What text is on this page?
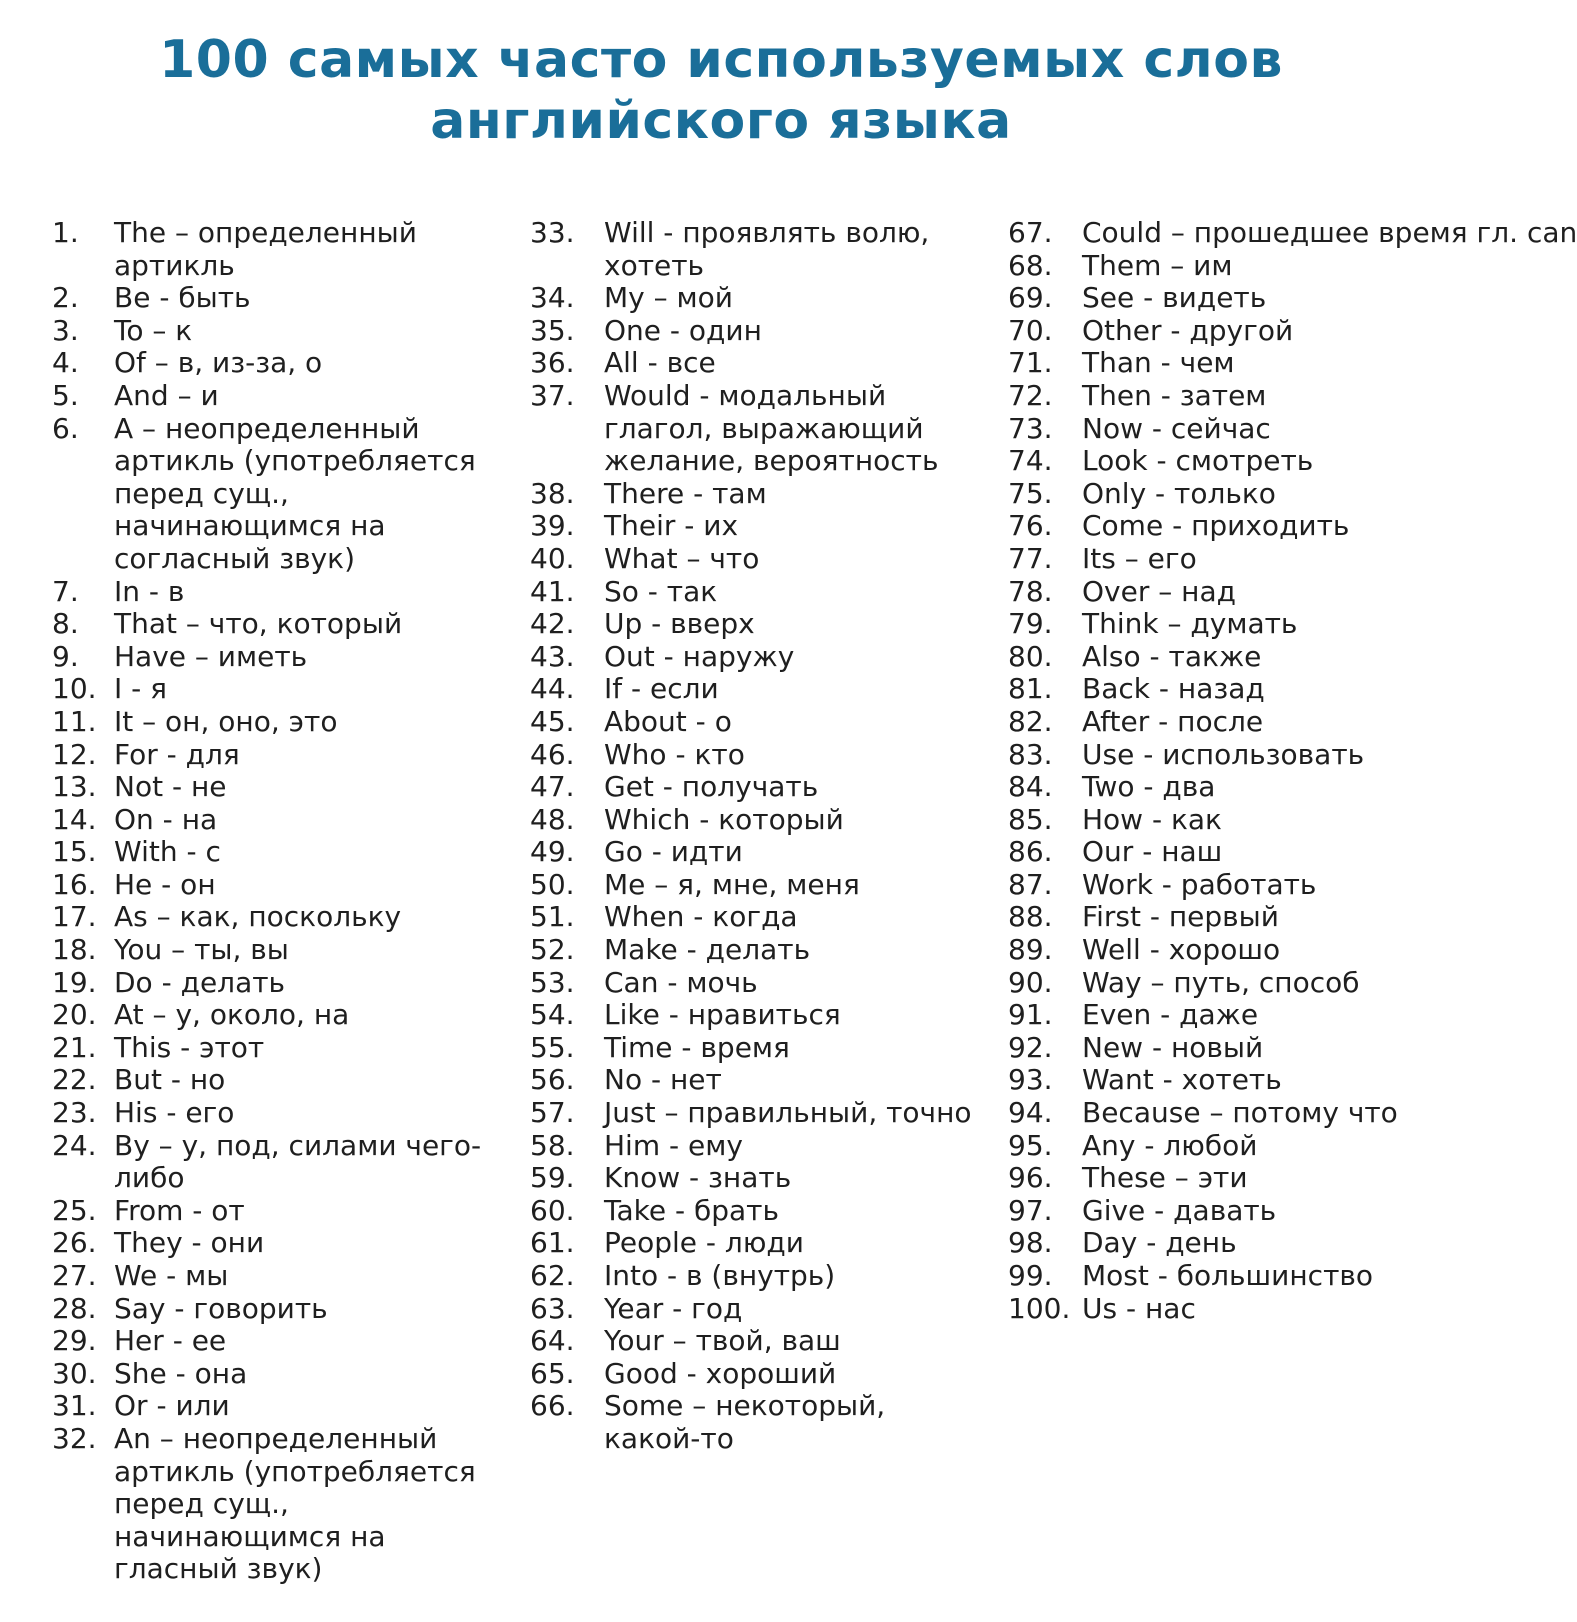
100 самых часто используемых слов
английского языка
1.	The – определенный артикль
2.	Be - быть
3.	To – к
4.	Of – в, из-за, о
5.	And – и
6.	A – неопределенный артикль (употребляется перед сущ., начинающимся на согласный звук)
7.	In - в
8.	That – что, который
9.	Have – иметь
10. I - я
11. It – он, оно, это
12. For - для
13. Not - не
14. On - на
15. With - с
16. He - он
17. As – как, поскольку
18. You – ты, вы
19. Do - делать
20. At – у, около, на
21. This - этот
22. But - но
23. His - его
24. By – у, под, силами чего-либо
25. From - от
26. They - они
27. We - мы
28. Say - говорить
29. Her - ее
30. She - она
31. Or - или
32. An – неопределенный артикль (употребляется перед сущ., начинающимся на гласный звук)
33.	Will - проявлять волю, хотеть
34.	My – мой
35.	One - один
36.	All - все
37.	Would - модальный глагол, выражающий желание, вероятность
38.	There - там
39.	Their - их
40.	What – что
41.	So - так
42.	Up - вверх
43.	Out - наружу
44.	If - если
45.	About - о
46.	Who - кто
47.	Get - получать
48.	Which - который
49.	Go - идти
50.	Me – я, мне, меня
51.	When - когда
52.	Make - делать
53.	Can - мочь
54.	Like - нравиться
55.	Time - время
56.	No - нет
57.	Just – правильный, точно
58.	Him - ему
59.	Know - знать
60.	Take - брать
61.	People - люди
62.	Into - в (внутрь)
63.	Year - год
64.	Your – твой, ваш
65.	Good - хороший
66.	Some – некоторый, какой-то
67.	Could – прошедшее время гл. can
68.	Them – им
69.	See - видеть
70.	Other - другой
71.	Than - чем
72.	Then - затем
73.	Now - сейчас
74.	Look - смотреть
75.	Only - только
76.	Come - приходить
77.	Its – его
78.	Over – над
79.	Think – думать
80.	Also - также
81.	Back - назад
82.	After - после
83.	Use - использовать
84.	Two - два
85.	How - как
86.	Our - наш
87.	Work - работать
88.	First - первый
89.	Well - хорошо
90.	Way – путь, способ
91.	Even - даже
92.	New - новый
93.	Want - хотеть
94.	Because – потому что
95.	Any - любой
96.	These – эти
97.	Give - давать
98.	Day - день
99.	Most - большинство
100. Us - нас
